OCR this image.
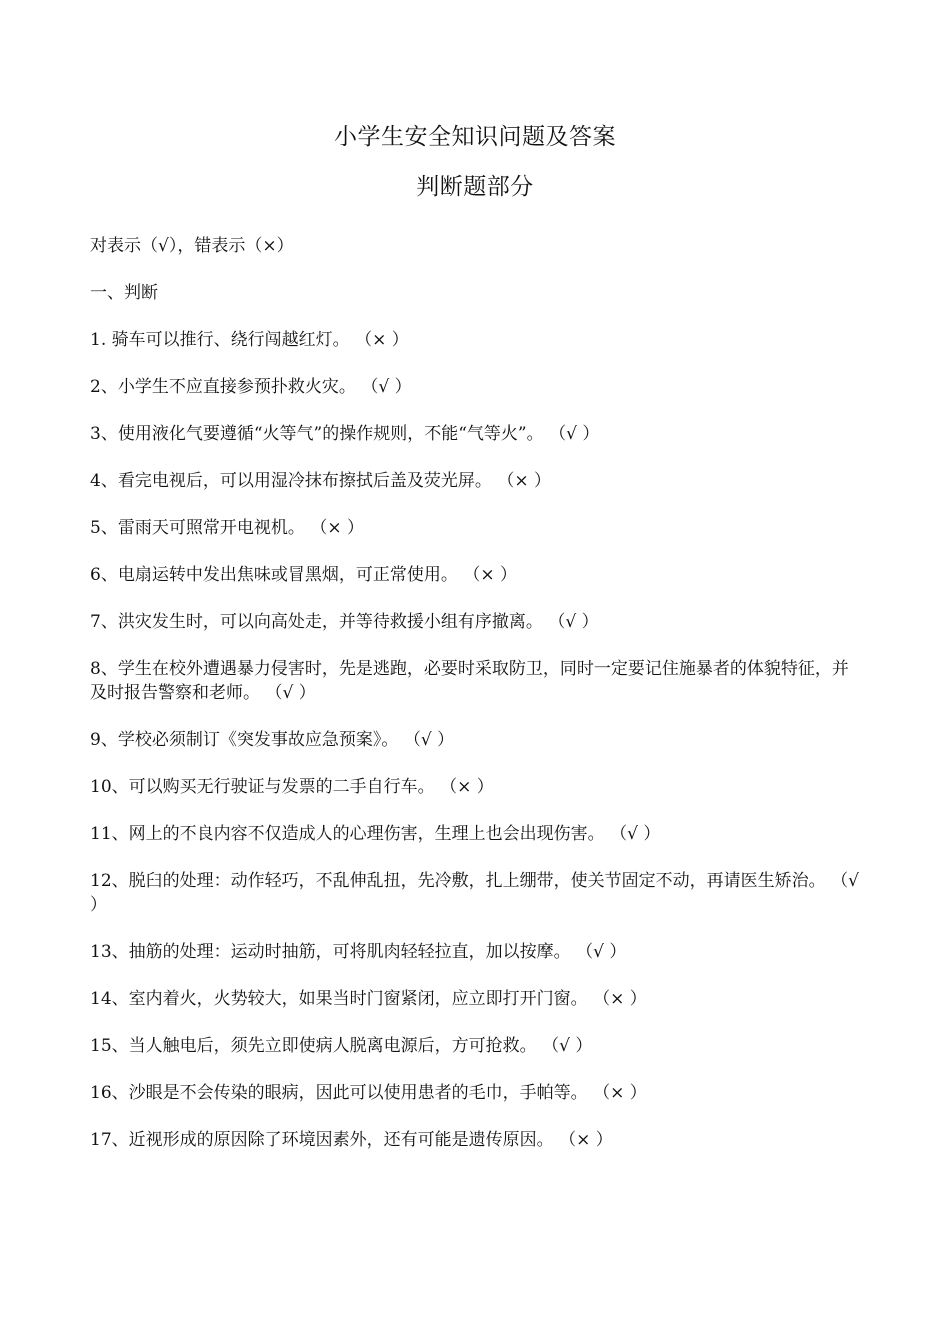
小学生安全知识问题及答案
判断题部分

对表示（√），错表示（×）

一、判断

1. 骑车可以推行、绕行闯越红灯。 （× ）

2、小学生不应直接参预扑救火灾。 （√ ）

3、使用液化气要遵循“火等气”的操作规则，不能“气等火”。 （√ ）

4、看完电视后，可以用湿冷抹布擦拭后盖及荧光屏。 （× ）

5、雷雨天可照常开电视机。 （× ）

6、电扇运转中发出焦味或冒黑烟，可正常使用。 （× ）

7、洪灾发生时，可以向高处走，并等待救援小组有序撤离。 （√ ）

8、学生在校外遭遇暴力侵害时，先是逃跑，必要时采取防卫，同时一定要记住施暴者的体貌特征，并及时报告警察和老师。 （√ ）

9、学校必须制订《突发事故应急预案》。 （√ ）

10、可以购买无行驶证与发票的二手自行车。 （× ）

11、网上的不良内容不仅造成人的心理伤害，生理上也会出现伤害。 （√ ）

12、脱臼的处理：动作轻巧，不乱伸乱扭，先冷敷，扎上绷带，使关节固定不动，再请医生矫治。 （√ ）

13、抽筋的处理：运动时抽筋，可将肌肉轻轻拉直，加以按摩。 （√ ）

14、室内着火，火势较大，如果当时门窗紧闭，应立即打开门窗。 （× ）

15、当人触电后，须先立即使病人脱离电源后，方可抢救。 （√ ）

16、沙眼是不会传染的眼病，因此可以使用患者的毛巾，手帕等。 （× ）

17、近视形成的原因除了环境因素外，还有可能是遗传原因。 （× ）
